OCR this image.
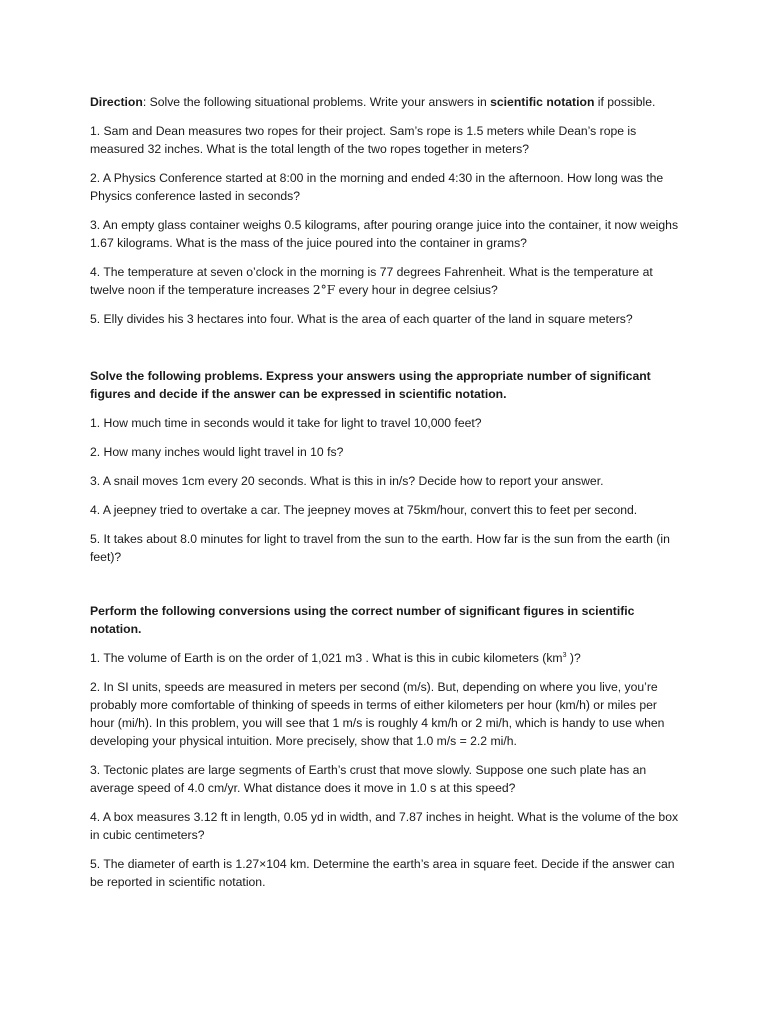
Direction: Solve the following situational problems. Write your answers in scientific notation if possible.

1. Sam and Dean measures two ropes for their project. Sam’s rope is 1.5 meters while Dean’s rope is measured 32 inches. What is the total length of the two ropes together in meters?

2. A Physics Conference started at 8:00 in the morning and ended 4:30 in the afternoon. How long was the Physics conference lasted in seconds?

3. An empty glass container weighs 0.5 kilograms, after pouring orange juice into the container, it now weighs 1.67 kilograms. What is the mass of the juice poured into the container in grams?

4. The temperature at seven o’clock in the morning is 77 degrees Fahrenheit. What is the temperature at twelve noon if the temperature increases 2°F every hour in degree celsius?

5. Elly divides his 3 hectares into four. What is the area of each quarter of the land in square meters?

Solve the following problems. Express your answers using the appropriate number of significant figures and decide if the answer can be expressed in scientific notation.

1. How much time in seconds would it take for light to travel 10,000 feet?

2. How many inches would light travel in 10 fs?

3. A snail moves 1cm every 20 seconds. What is this in in/s? Decide how to report your answer.

4. A jeepney tried to overtake a car. The jeepney moves at 75km/hour, convert this to feet per second.

5. It takes about 8.0 minutes for light to travel from the sun to the earth. How far is the sun from the earth (in feet)?

Perform the following conversions using the correct number of significant figures in scientific notation.

1. The volume of Earth is on the order of 1,021 m3 . What is this in cubic kilometers ($km^3$ )?

2. In SI units, speeds are measured in meters per second (m/s). But, depending on where you live, you’re probably more comfortable of thinking of speeds in terms of either kilometers per hour (km/h) or miles per hour (mi/h). In this problem, you will see that 1 m/s is roughly 4 km/h or 2 mi/h, which is handy to use when developing your physical intuition. More precisely, show that 1.0 m/s = 2.2 mi/h.

3. Tectonic plates are large segments of Earth’s crust that move slowly. Suppose one such plate has an average speed of 4.0 cm/yr. What distance does it move in 1.0 s at this speed?

4. A box measures 3.12 ft in length, 0.05 yd in width, and 7.87 inches in height. What is the volume of the box in cubic centimeters?

5. The diameter of earth is 1.27×104 km. Determine the earth’s area in square feet. Decide if the answer can be reported in scientific notation.
